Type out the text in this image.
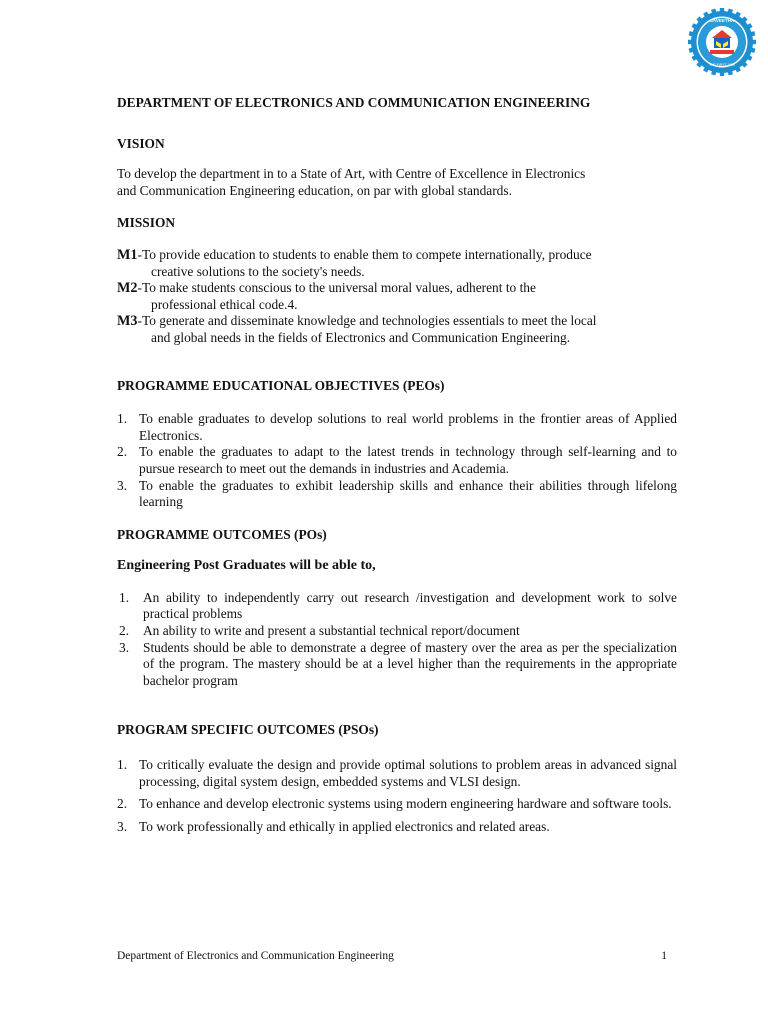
SAVEETHA
THE FIRST 1000
DEPARTMENT OF ELECTRONICS AND COMMUNICATION ENGINEERING
VISION

To develop the department in to a State of Art, with Centre of Excellence in Electronics

and Communication Engineering education, on par with global standards.

MISSION
M1-To provide education to students to enable them to compete internationally, produce
creative solutions to the society's needs.
M2-To make students conscious to the universal moral values, adherent to the
professional ethical code.4.
M3-To generate and disseminate knowledge and technologies essentials to meet the local
and global needs in the fields of Electronics and Communication Engineering.
PROGRAMME EDUCATIONAL OBJECTIVES (PEOs)
1. To enable graduates to develop solutions to real world problems in the frontier areas of Applied Electronics.
2. To enable the graduates to adapt to the latest trends in technology through self-learning and to pursue research to meet out the demands in industries and Academia.
3. To enable the graduates to exhibit leadership skills and enhance their abilities through lifelong learning
PROGRAMME OUTCOMES (POs)

Engineering Post Graduates will be able to,

1. An ability to independently carry out research /investigation and development work to solve practical problems
2. An ability to write and present a substantial technical report/document
3. Students should be able to demonstrate a degree of mastery over the area as per the specialization of the program. The mastery should be at a level higher than the requirements in the appropriate bachelor program
PROGRAM SPECIFIC OUTCOMES (PSOs)
1. To critically evaluate the design and provide optimal solutions to problem areas in advanced signal processing, digital system design, embedded systems and VLSI design.
2. To enhance and develop electronic systems using modern engineering hardware and software tools.
3. To work professionally and ethically in applied electronics and related areas.
Department of Electronics and Communication Engineering	1
